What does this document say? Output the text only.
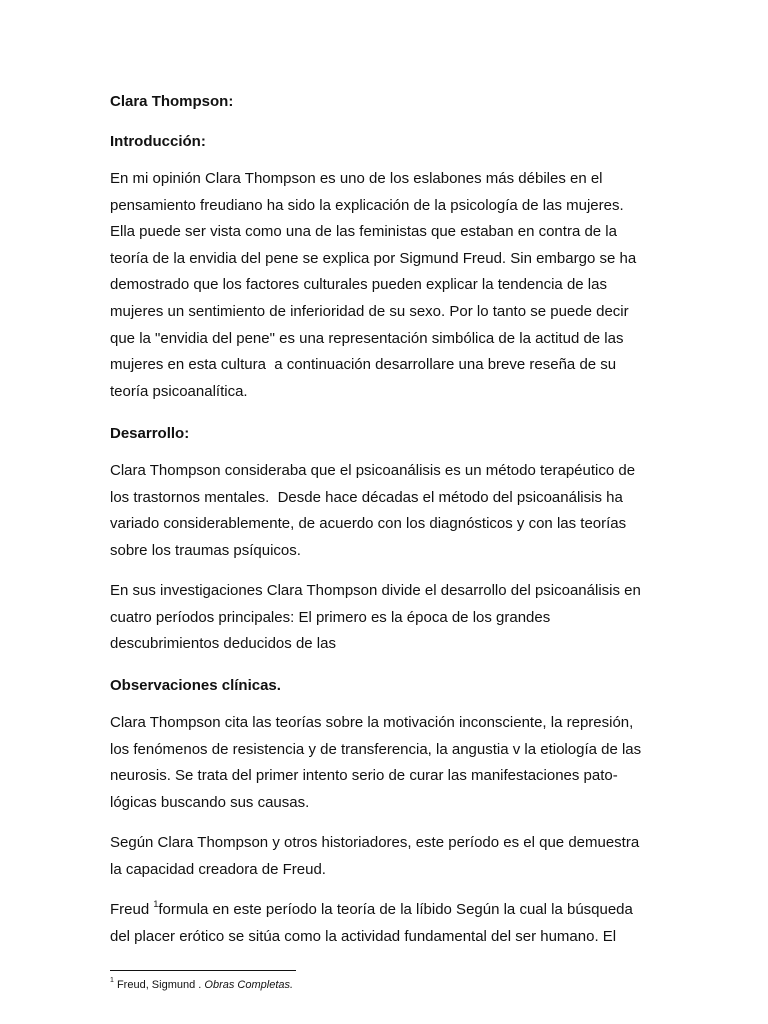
Clara Thompson:
Introducción:
En mi opinión Clara Thompson es uno de los eslabones más débiles en el
pensamiento freudiano ha sido la explicación de la psicología de las mujeres.
Ella puede ser vista como una de las feministas que estaban en contra de la
teoría de la envidia del pene se explica por Sigmund Freud. Sin embargo se ha
demostrado que los factores culturales pueden explicar la tendencia de las
mujeres un sentimiento de inferioridad de su sexo. Por lo tanto se puede decir
que la "envidia del pene" es una representación simbólica de la actitud de las
mujeres en esta cultura  a continuación desarrollare una breve reseña de su
teoría psicoanalítica.
Desarrollo:
Clara Thompson consideraba que el psicoanálisis es un método terapéutico de
los trastornos mentales.  Desde hace décadas el método del psicoanálisis ha
variado considerablemente, de acuerdo con los diagnósticos y con las teorías
sobre los traumas psíquicos.
En sus investigaciones Clara Thompson divide el desarrollo del psicoanálisis en
cuatro períodos principales: El primero es la época de los grandes
descubrimientos deducidos de las
Observaciones clínicas.
Clara Thompson cita las teorías sobre la motivación inconsciente, la represión,
los fenómenos de resistencia y de transferencia, la angustia v la etiología de las
neurosis. Se trata del primer intento serio de curar las manifestaciones pato-
lógicas buscando sus causas.
Según Clara Thompson y otros historiadores, este período es el que demuestra
la capacidad creadora de Freud.
Freud $^1$formula en este período la teoría de la líbido Según la cual la búsqueda
del placer erótico se sitúa como la actividad fundamental del ser humano. El
$^1$ Freud, Sigmund . Obras Completas.
